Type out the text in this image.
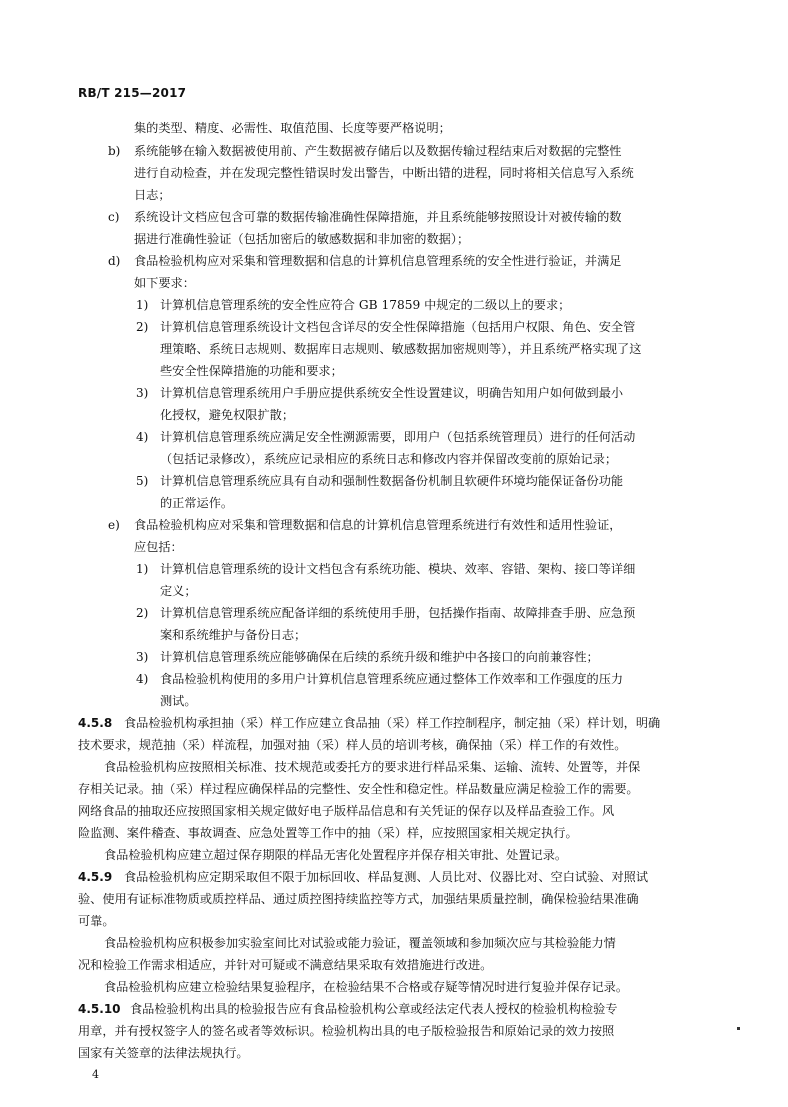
RB/T 215—2017
集的类型、精度、必需性、取值范围、长度等要严格说明；
b) 系统能够在输入数据被使用前、产生数据被存储后以及数据传输过程结束后对数据的完整性
进行自动检查，并在发现完整性错误时发出警告，中断出错的进程，同时将相关信息写入系统
日志；
c) 系统设计文档应包含可靠的数据传输准确性保障措施，并且系统能够按照设计对被传输的数
据进行准确性验证（包括加密后的敏感数据和非加密的数据）；
d) 食品检验机构应对采集和管理数据和信息的计算机信息管理系统的安全性进行验证，并满足
如下要求：
1) 计算机信息管理系统的安全性应符合 GB 17859 中规定的二级以上的要求；
2) 计算机信息管理系统设计文档包含详尽的安全性保障措施（包括用户权限、角色、安全管
理策略、系统日志规则、数据库日志规则、敏感数据加密规则等），并且系统严格实现了这
些安全性保障措施的功能和要求；
3) 计算机信息管理系统用户手册应提供系统安全性设置建议，明确告知用户如何做到最小
化授权，避免权限扩散；
4) 计算机信息管理系统应满足安全性溯源需要，即用户（包括系统管理员）进行的任何活动
（包括记录修改），系统应记录相应的系统日志和修改内容并保留改变前的原始记录；
5) 计算机信息管理系统应具有自动和强制性数据备份机制且软硬件环境均能保证备份功能
的正常运作。
e) 食品检验机构应对采集和管理数据和信息的计算机信息管理系统进行有效性和适用性验证，
应包括：
1) 计算机信息管理系统的设计文档包含有系统功能、模块、效率、容错、架构、接口等详细
定义；
2) 计算机信息管理系统应配备详细的系统使用手册，包括操作指南、故障排查手册、应急预
案和系统维护与备份日志；
3) 计算机信息管理系统应能够确保在后续的系统升级和维护中各接口的向前兼容性；
4) 食品检验机构使用的多用户计算机信息管理系统应通过整体工作效率和工作强度的压力
测试。
4.5.8 食品检验机构承担抽（采）样工作应建立食品抽（采）样工作控制程序，制定抽（采）样计划，明确
技术要求，规范抽（采）样流程，加强对抽（采）样人员的培训考核，确保抽（采）样工作的有效性。
食品检验机构应按照相关标准、技术规范或委托方的要求进行样品采集、运输、流转、处置等，并保
存相关记录。抽（采）样过程应确保样品的完整性、安全性和稳定性。样品数量应满足检验工作的需要。
网络食品的抽取还应按照国家相关规定做好电子版样品信息和有关凭证的保存以及样品查验工作。风
险监测、案件稽查、事故调查、应急处置等工作中的抽（采）样，应按照国家相关规定执行。
食品检验机构应建立超过保存期限的样品无害化处置程序并保存相关审批、处置记录。
4.5.9 食品检验机构应定期采取但不限于加标回收、样品复测、人员比对、仪器比对、空白试验、对照试
验、使用有证标准物质或质控样品、通过质控图持续监控等方式，加强结果质量控制，确保检验结果准确
可靠。
食品检验机构应积极参加实验室间比对试验或能力验证，覆盖领域和参加频次应与其检验能力情
况和检验工作需求相适应，并针对可疑或不满意结果采取有效措施进行改进。
食品检验机构应建立检验结果复验程序，在检验结果不合格或存疑等情况时进行复验并保存记录。
4.5.10 食品检验机构出具的检验报告应有食品检验机构公章或经法定代表人授权的检验机构检验专
用章，并有授权签字人的签名或者等效标识。检验机构出具的电子版检验报告和原始记录的效力按照
国家有关签章的法律法规执行。
4
